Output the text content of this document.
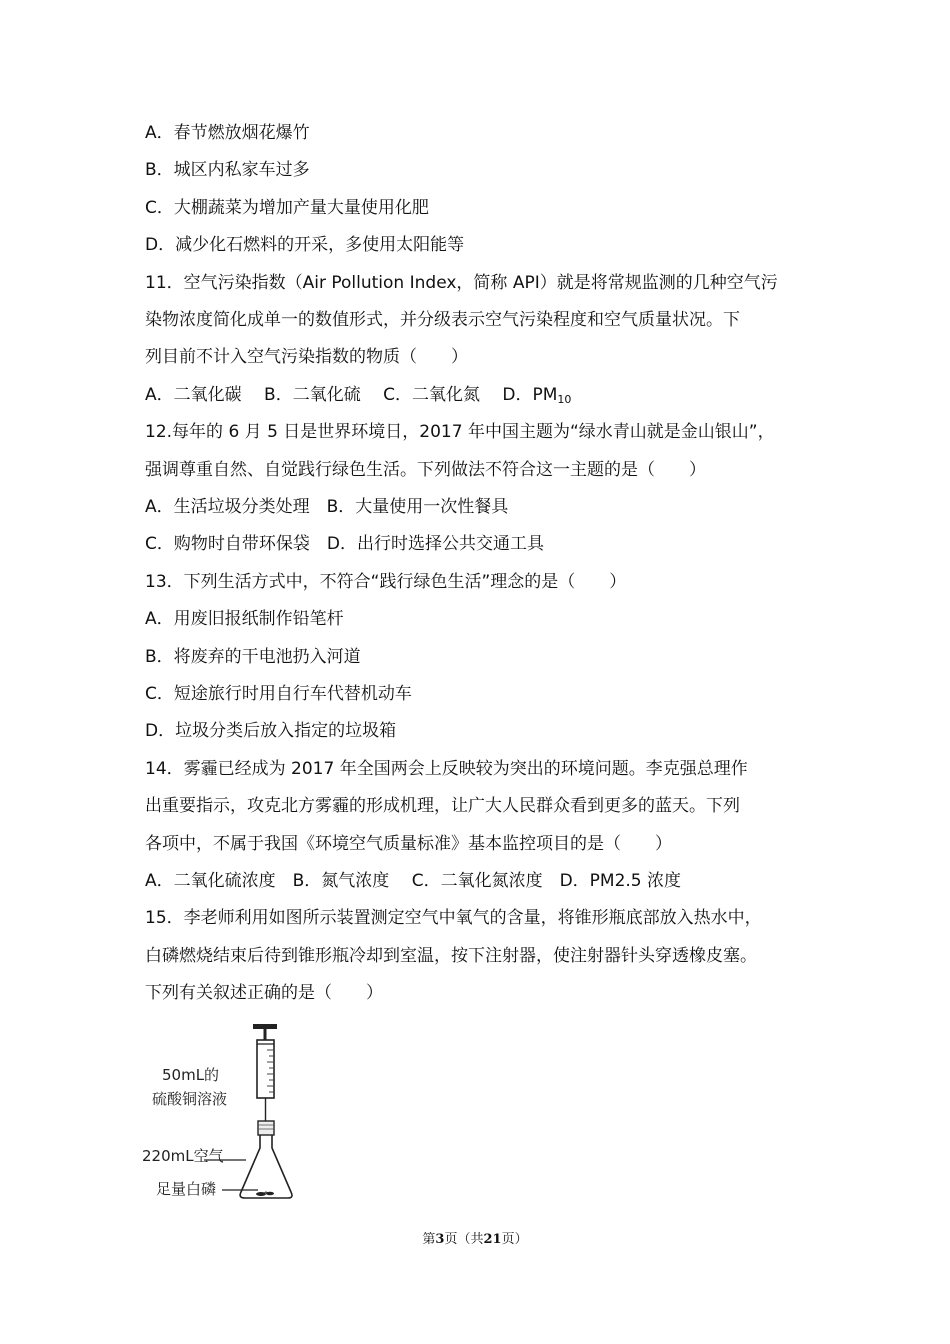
A．春节燃放烟花爆竹
B．城区内私家车过多
C．大棚蔬菜为增加产量大量使用化肥
D．减少化石燃料的开采，多使用太阳能等
11．空气污染指数（Air Pollution Index，简称 API）就是将常规监测的几种空气污
染物浓度简化成单一的数值形式，并分级表示空气污染程度和空气质量状况。下
列目前不计入空气污染指数的物质（　　）
A．二氧化碳　 B．二氧化硫　 C．二氧化氮　 D．$PM_{10}$
12.每年的 6 月 5 日是世界环境日，2017 年中国主题为“绿水青山就是金山银山”，
强调尊重自然、自觉践行绿色生活。下列做法不符合这一主题的是（　　）
A．生活垃圾分类处理　B．大量使用一次性餐具
C．购物时自带环保袋　D．出行时选择公共交通工具
13．下列生活方式中，不符合“践行绿色生活”理念的是（　　）
A．用废旧报纸制作铅笔杆
B．将废弃的干电池扔入河道
C．短途旅行时用自行车代替机动车
D．垃圾分类后放入指定的垃圾箱
14．雾霾已经成为 2017 年全国两会上反映较为突出的环境问题。李克强总理作
出重要指示，攻克北方雾霾的形成机理，让广大人民群众看到更多的蓝天。下列
各项中，不属于我国《环境空气质量标准》基本监控项目的是（　　）
A．二氧化硫浓度　B．氮气浓度　 C．二氧化氮浓度　D．PM2.5 浓度
15．李老师利用如图所示装置测定空气中氧气的含量，将锥形瓶底部放入热水中，
白磷燃烧结束后待到锥形瓶冷却到室温，按下注射器，使注射器针头穿透橡皮塞。
下列有关叙述正确的是（　　）
50mL的
硫酸铜溶液
220mL空气
足量白磷
第3页（共21页）
